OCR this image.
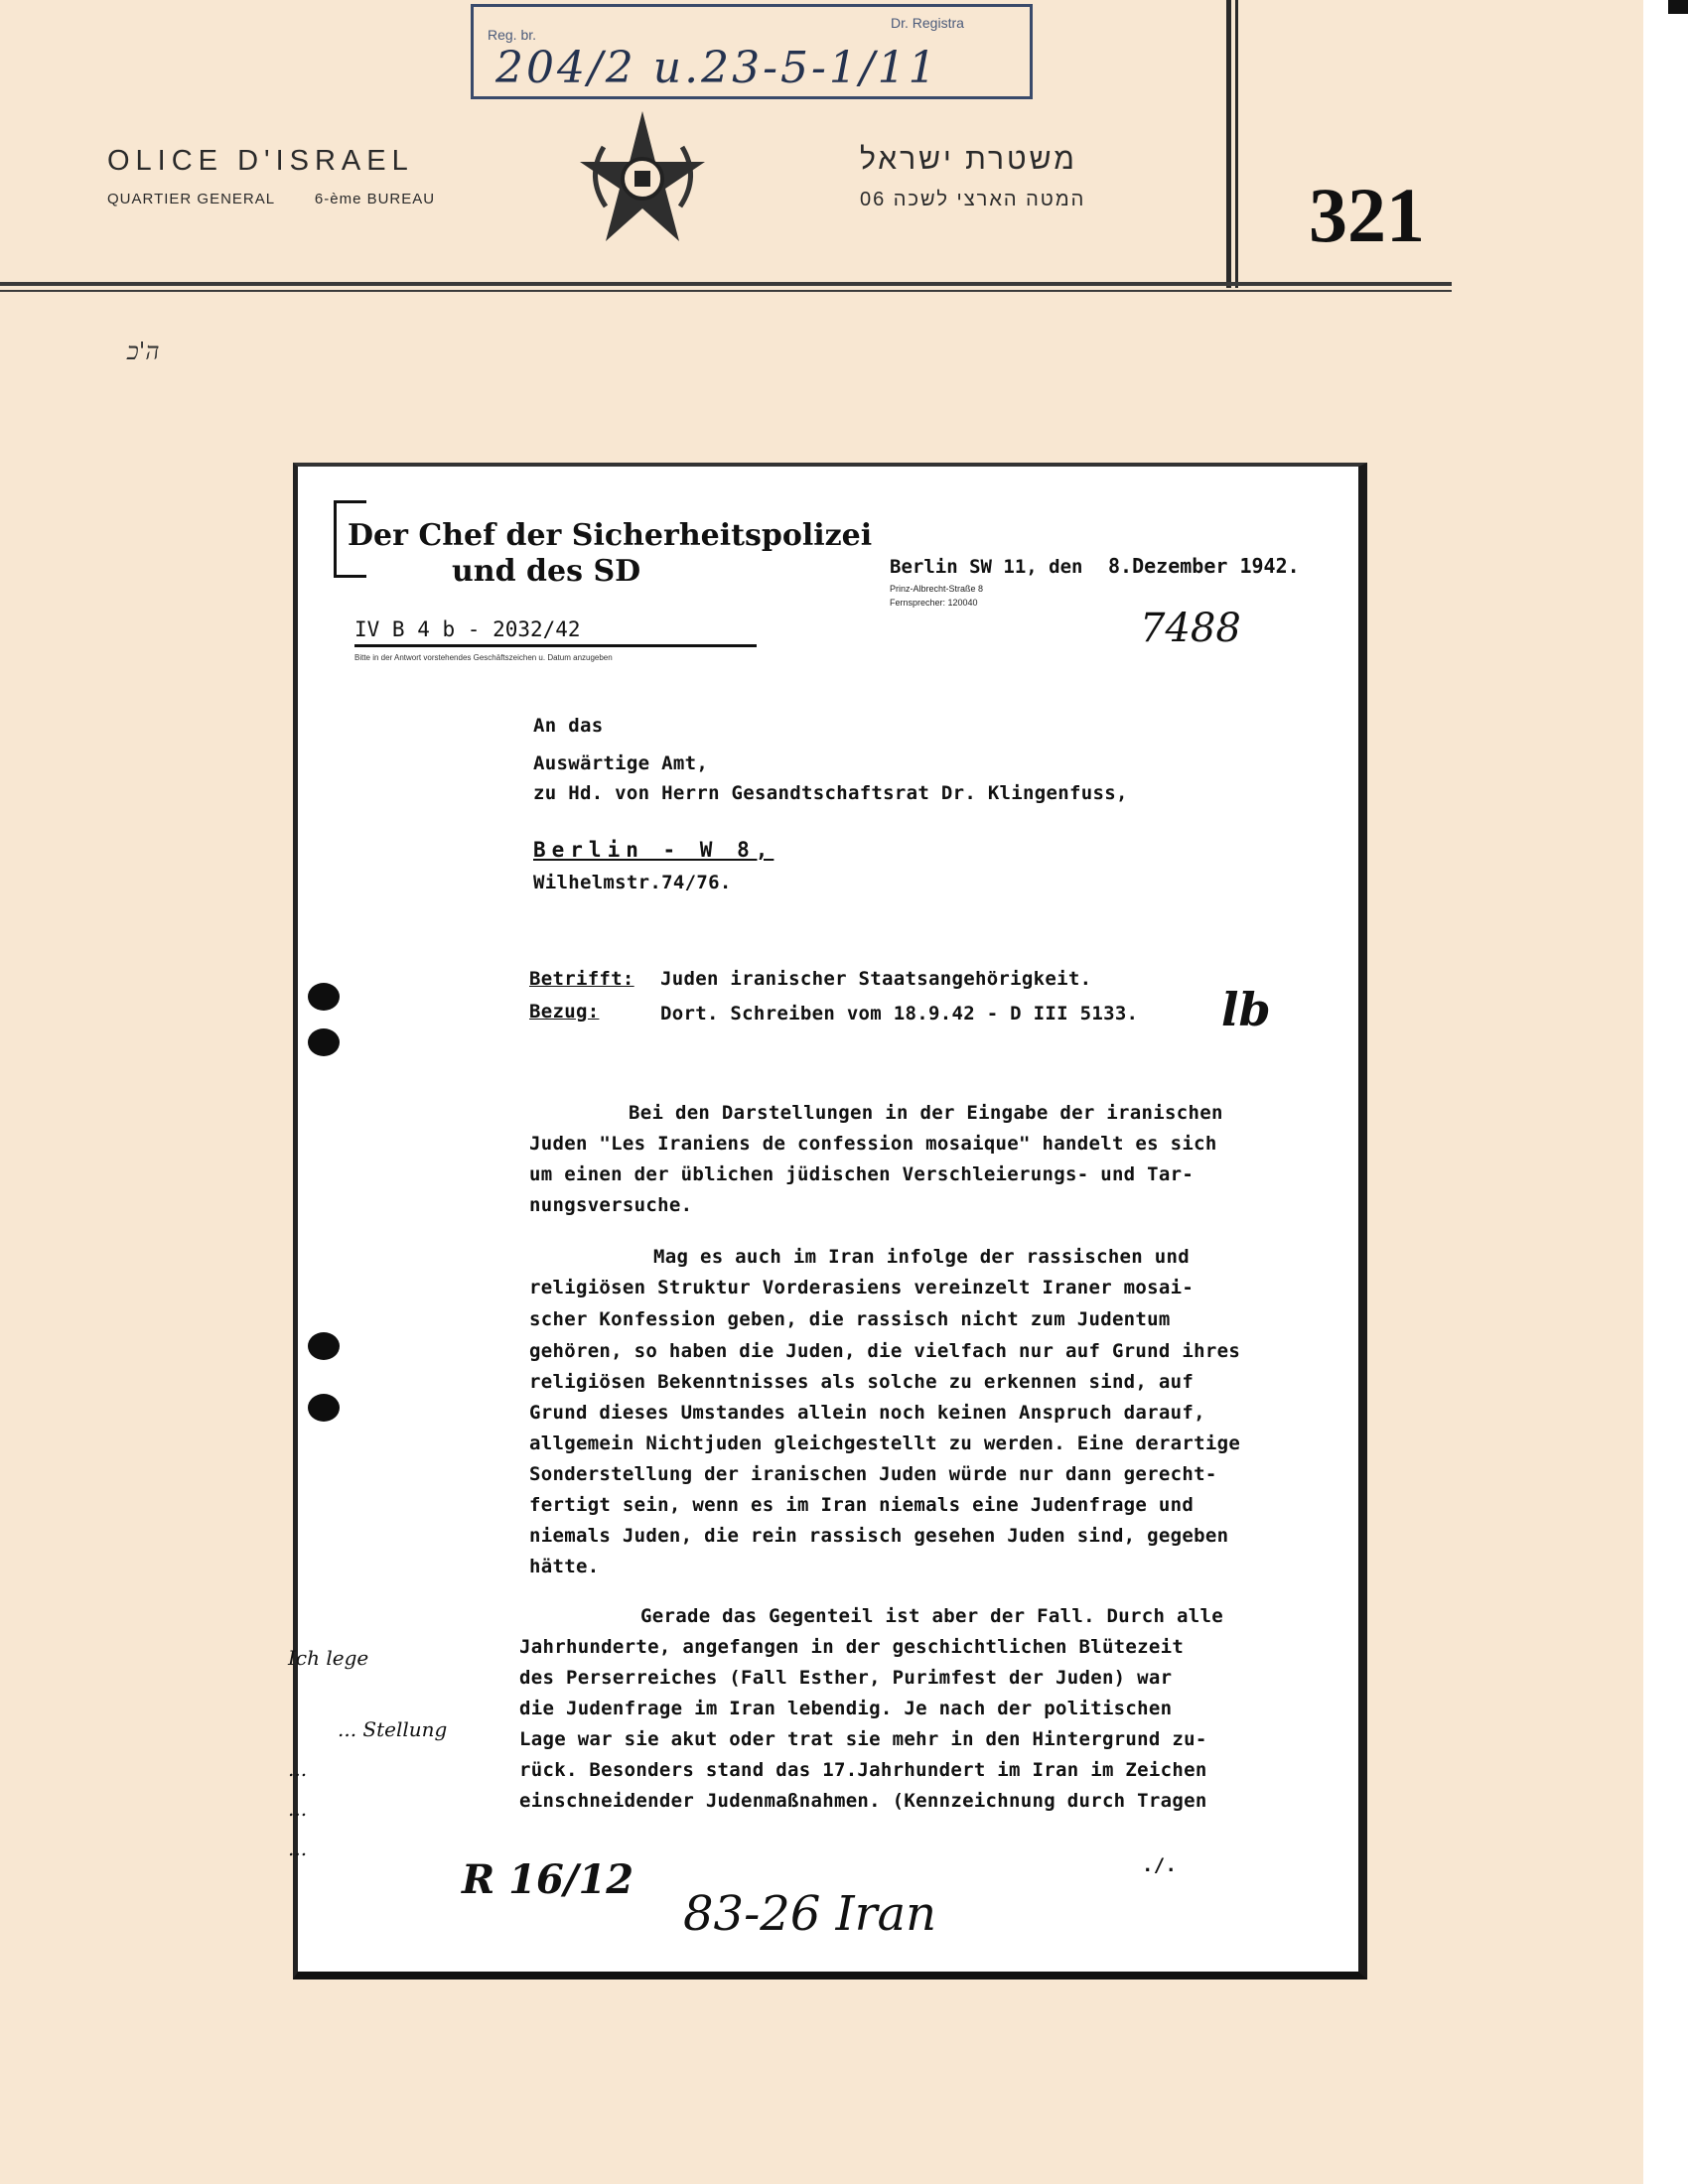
OLICE D'ISRAEL
QUARTIER GENERAL	6-ème BUREAU
משטרת ישראל
המטה הארצי לשכה 06	321
Reg. br.
Dr. Registra
204/2 u.23-5-1/11
ה'כ
Der Chef der Sicherheitspolizei
und des SD
IV B 4 b - 2032/42
Bitte in der Antwort vorstehendes Geschäftszeichen u. Datum anzugeben
Berlin SW 11, den
Prinz-Albrecht-Straße 8
Fernsprecher: 120040
8.Dezember 1942.
7488
An das
Auswärtige Amt,
zu Hd. von Herrn Gesandtschaftsrat Dr. Klingenfuss,
Berlin - W 8,
Wilhelmstr.74/76.
Betrifft: Juden iranischer Staatsangehörigkeit.
Bezug:	Dort. Schreiben vom 18.9.42 - D III 5133. lb
Bei den Darstellungen in der Eingabe der iranischen
Juden "Les Iraniens de confession mosaique" handelt es sich
um einen der üblichen jüdischen Verschleierungs- und Tar-
nungsversuche.
Mag es auch im Iran infolge der rassischen und
religiösen Struktur Vorderasiens vereinzelt Iraner mosai-
scher Konfession geben, die rassisch nicht zum Judentum
gehören, so haben die Juden, die vielfach nur auf Grund ihres
religiösen Bekenntnisses als solche zu erkennen sind, auf
Grund dieses Umstandes allein noch keinen Anspruch darauf,
allgemein Nichtjuden gleichgestellt zu werden. Eine derartige
Sonderstellung der iranischen Juden würde nur dann gerecht-
fertigt sein, wenn es im Iran niemals eine Judenfrage und
niemals Juden, die rein rassisch gesehen Juden sind, gegeben
hätte.
Gerade das Gegenteil ist aber der Fall. Durch alle
Jahrhunderte, angefangen in der geschichtlichen Blütezeit
des Perserreiches (Fall Esther, Purimfest der Juden) war
die Judenfrage im Iran lebendig. Je nach der politischen
Lage war sie akut oder trat sie mehr in den Hintergrund zu-
rück. Besonders stand das 17.Jahrhundert im Iran im Zeichen
einschneidender Judenmaßnahmen. (Kennzeichnung durch Tragen
./.
Ich lege
... Stellung
...
...
...
R 16/12
83-26 Iran
